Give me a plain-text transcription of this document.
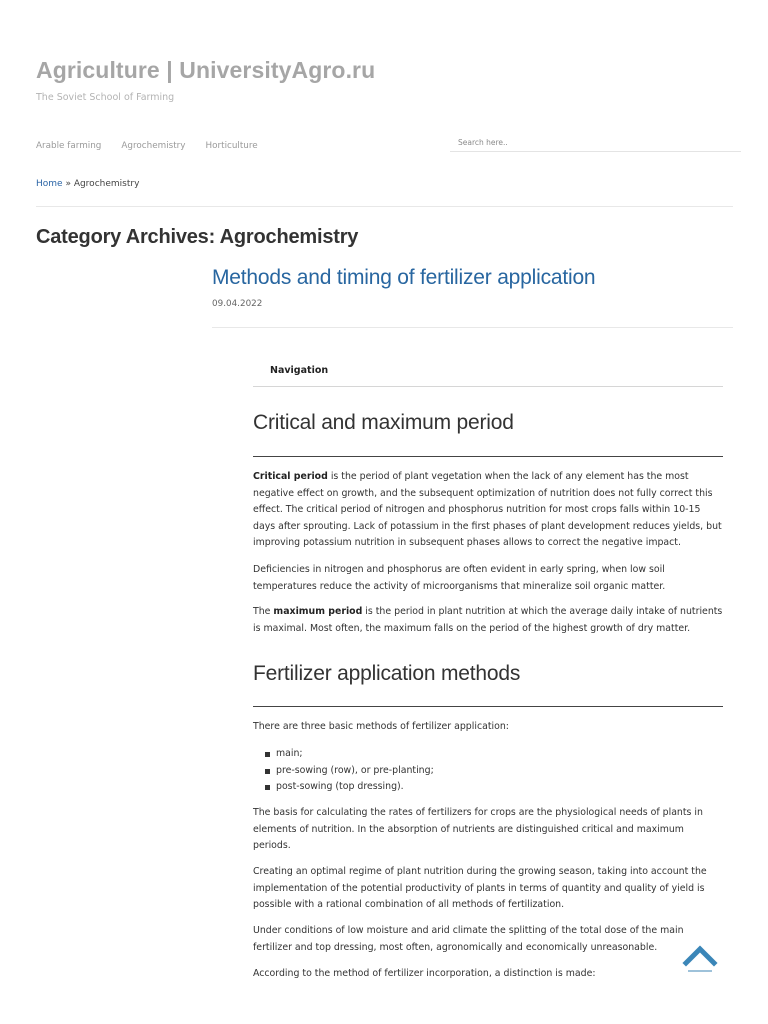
Agriculture | UniversityAgro.ru
The Soviet School of Farming
Arable farming Agrochemistry Horticulture
Search here..
Home » Agrochemistry
Category Archives: Agrochemistry
Methods and timing of fertilizer application
09.04.2022
Navigation
Critical and maximum period

Critical period is the period of plant vegetation when the lack of any element has the most negative effect on growth, and the subsequent optimization of nutrition does not fully correct this effect. The critical period of nitrogen and phosphorus nutrition for most crops falls within 10-15 days after sprouting. Lack of potassium in the first phases of plant development reduces yields, but improving potassium nutrition in subsequent phases allows to correct the negative impact.

Deficiencies in nitrogen and phosphorus are often evident in early spring, when low soil temperatures reduce the activity of microorganisms that mineralize soil organic matter.

The maximum period is the period in plant nutrition at which the average daily intake of nutrients is maximal. Most often, the maximum falls on the period of the highest growth of dry matter.

Fertilizer application methods

There are three basic methods of fertilizer application:

main;
pre-sowing (row), or pre-planting;
post-sowing (top dressing).

The basis for calculating the rates of fertilizers for crops are the physiological needs of plants in elements of nutrition. In the absorption of nutrients are distinguished critical and maximum periods.

Creating an optimal regime of plant nutrition during the growing season, taking into account the implementation of the potential productivity of plants in terms of quantity and quality of yield is possible with a rational combination of all methods of fertilization.

Under conditions of low moisture and arid climate the splitting of the total dose of the main fertilizer and top dressing, most often, agronomically and economically unreasonable.

According to the method of fertilizer incorporation, a distinction is made:
